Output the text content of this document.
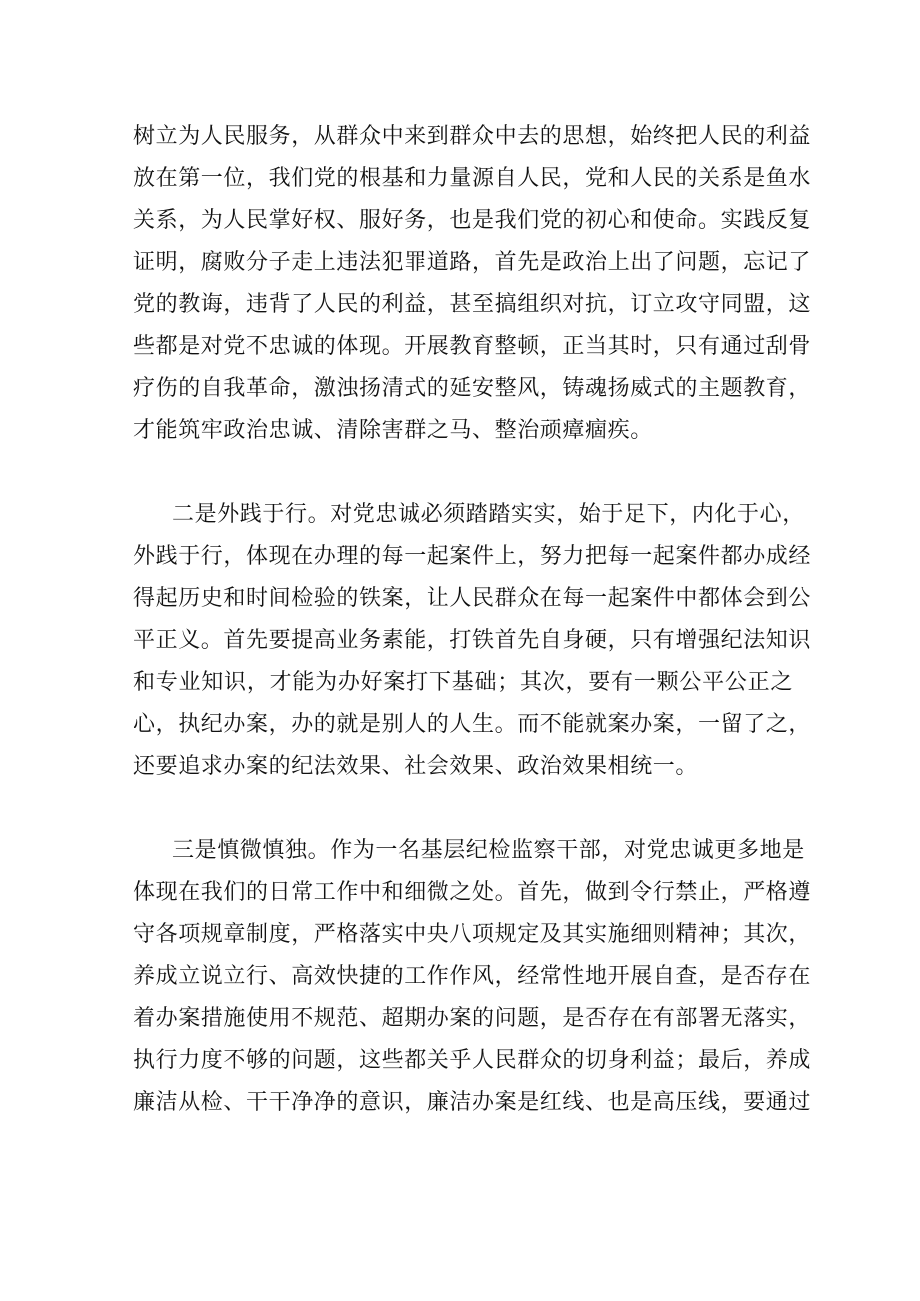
树立为人民服务，从群众中来到群众中去的思想，始终把人民的利益
放在第一位，我们党的根基和力量源自人民，党和人民的关系是鱼水
关系，为人民掌好权、服好务，也是我们党的初心和使命。实践反复
证明，腐败分子走上违法犯罪道路，首先是政治上出了问题，忘记了
党的教诲，违背了人民的利益，甚至搞组织对抗，订立攻守同盟，这
些都是对党不忠诚的体现。开展教育整顿，正当其时，只有通过刮骨
疗伤的自我革命，激浊扬清式的延安整风，铸魂扬威式的主题教育，
才能筑牢政治忠诚、清除害群之马、整治顽瘴痼疾。
二是外践于行。对党忠诚必须踏踏实实，始于足下，内化于心，
外践于行，体现在办理的每一起案件上，努力把每一起案件都办成经
得起历史和时间检验的铁案，让人民群众在每一起案件中都体会到公
平正义。首先要提高业务素能，打铁首先自身硬，只有增强纪法知识
和专业知识，才能为办好案打下基础；其次，要有一颗公平公正之
心，执纪办案，办的就是别人的人生。而不能就案办案，一留了之，
还要追求办案的纪法效果、社会效果、政治效果相统一。
三是慎微慎独。作为一名基层纪检监察干部，对党忠诚更多地是
体现在我们的日常工作中和细微之处。首先，做到令行禁止，严格遵
守各项规章制度，严格落实中央八项规定及其实施细则精神；其次，
养成立说立行、高效快捷的工作作风，经常性地开展自查，是否存在
着办案措施使用不规范、超期办案的问题，是否存在有部署无落实，
执行力度不够的问题，这些都关乎人民群众的切身利益；最后，养成
廉洁从检、干干净净的意识，廉洁办案是红线、也是高压线，要通过
